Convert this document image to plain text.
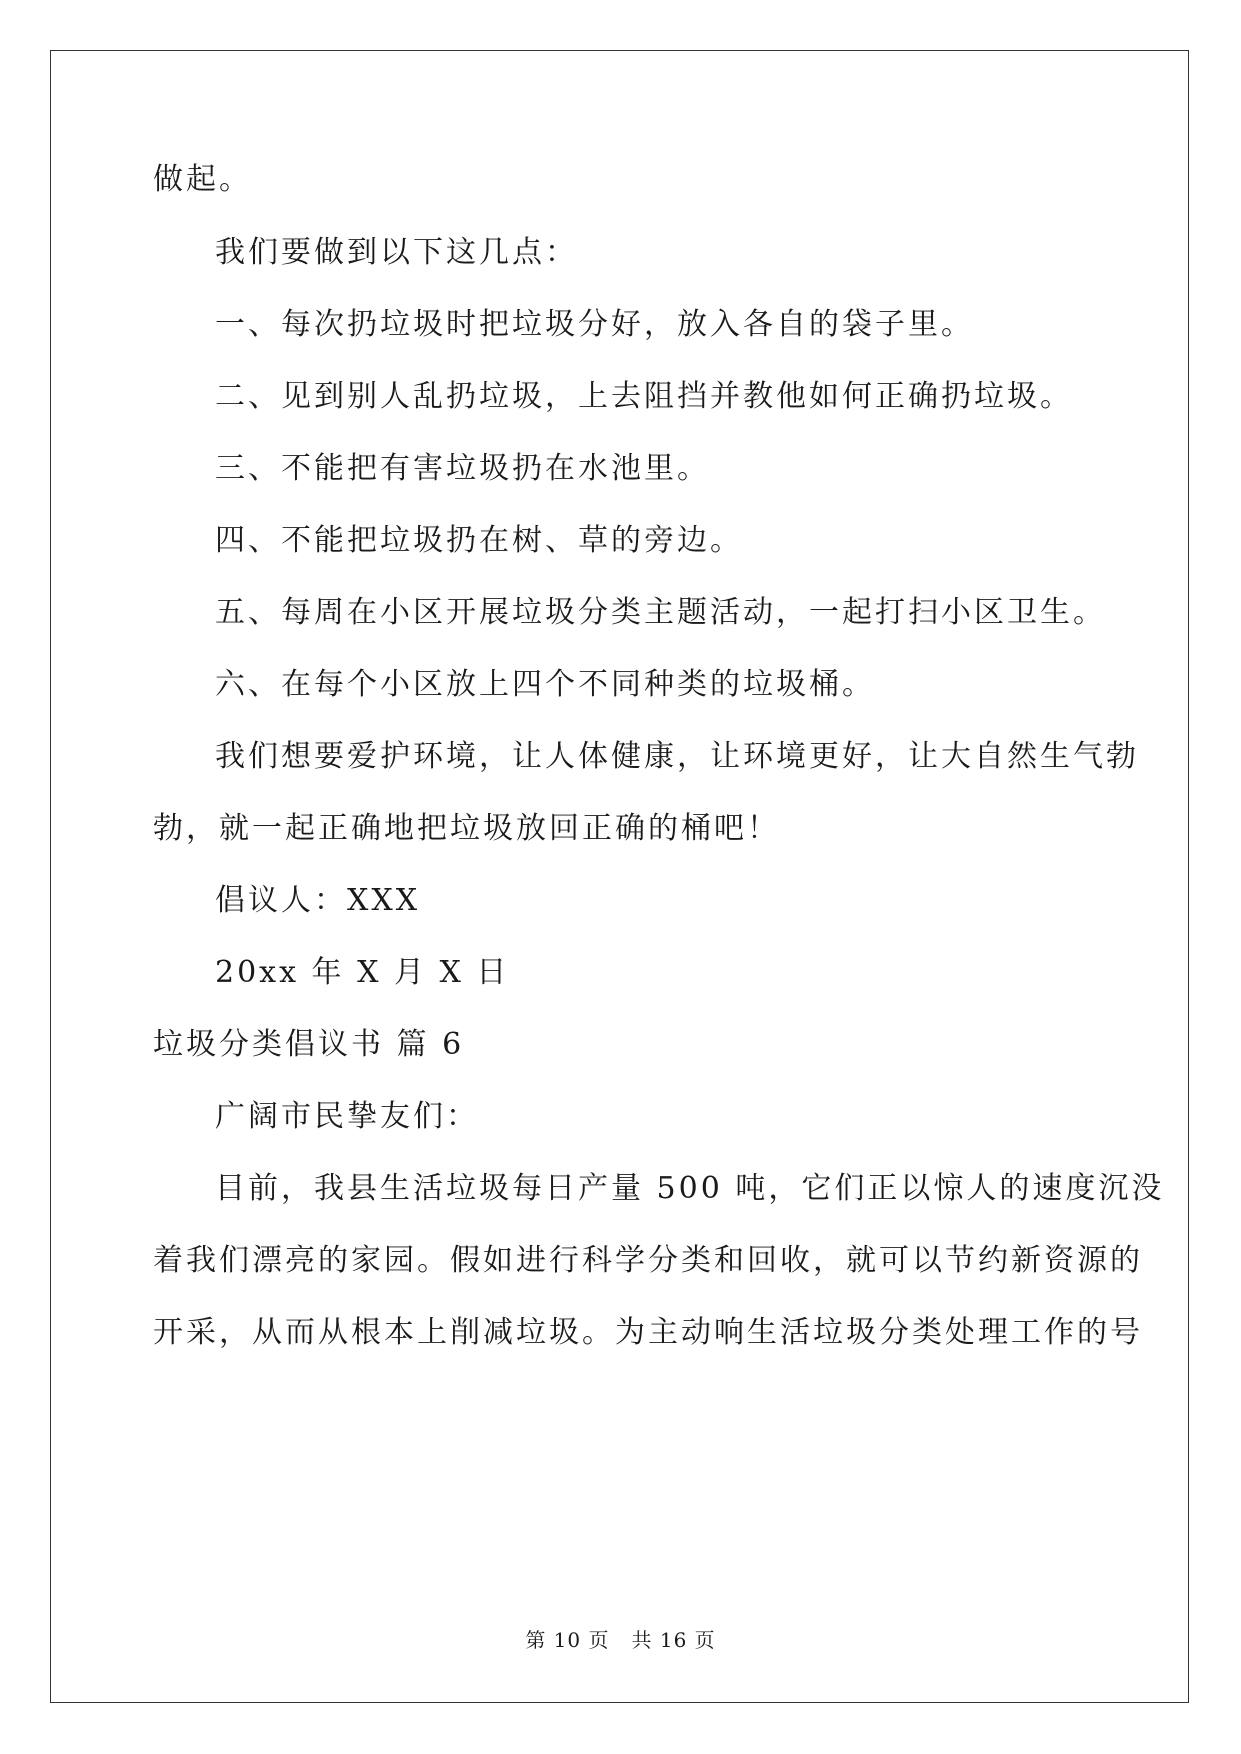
做起。
我们要做到以下这几点：
一、每次扔垃圾时把垃圾分好，放入各自的袋子里。
二、见到别人乱扔垃圾，上去阻挡并教他如何正确扔垃圾。
三、不能把有害垃圾扔在水池里。
四、不能把垃圾扔在树、草的旁边。
五、每周在小区开展垃圾分类主题活动，一起打扫小区卫生。
六、在每个小区放上四个不同种类的垃圾桶。
我们想要爱护环境，让人体健康，让环境更好，让大自然生气勃
勃，就一起正确地把垃圾放回正确的桶吧！
倡议人：XXX
20xx 年 X 月 X 日
垃圾分类倡议书 篇 6
广阔市民挚友们：
目前，我县生活垃圾每日产量 500 吨，它们正以惊人的速度沉没
着我们漂亮的家园。假如进行科学分类和回收，就可以节约新资源的
开采，从而从根本上削减垃圾。为主动响生活垃圾分类处理工作的号
第 10 页 共 16 页
